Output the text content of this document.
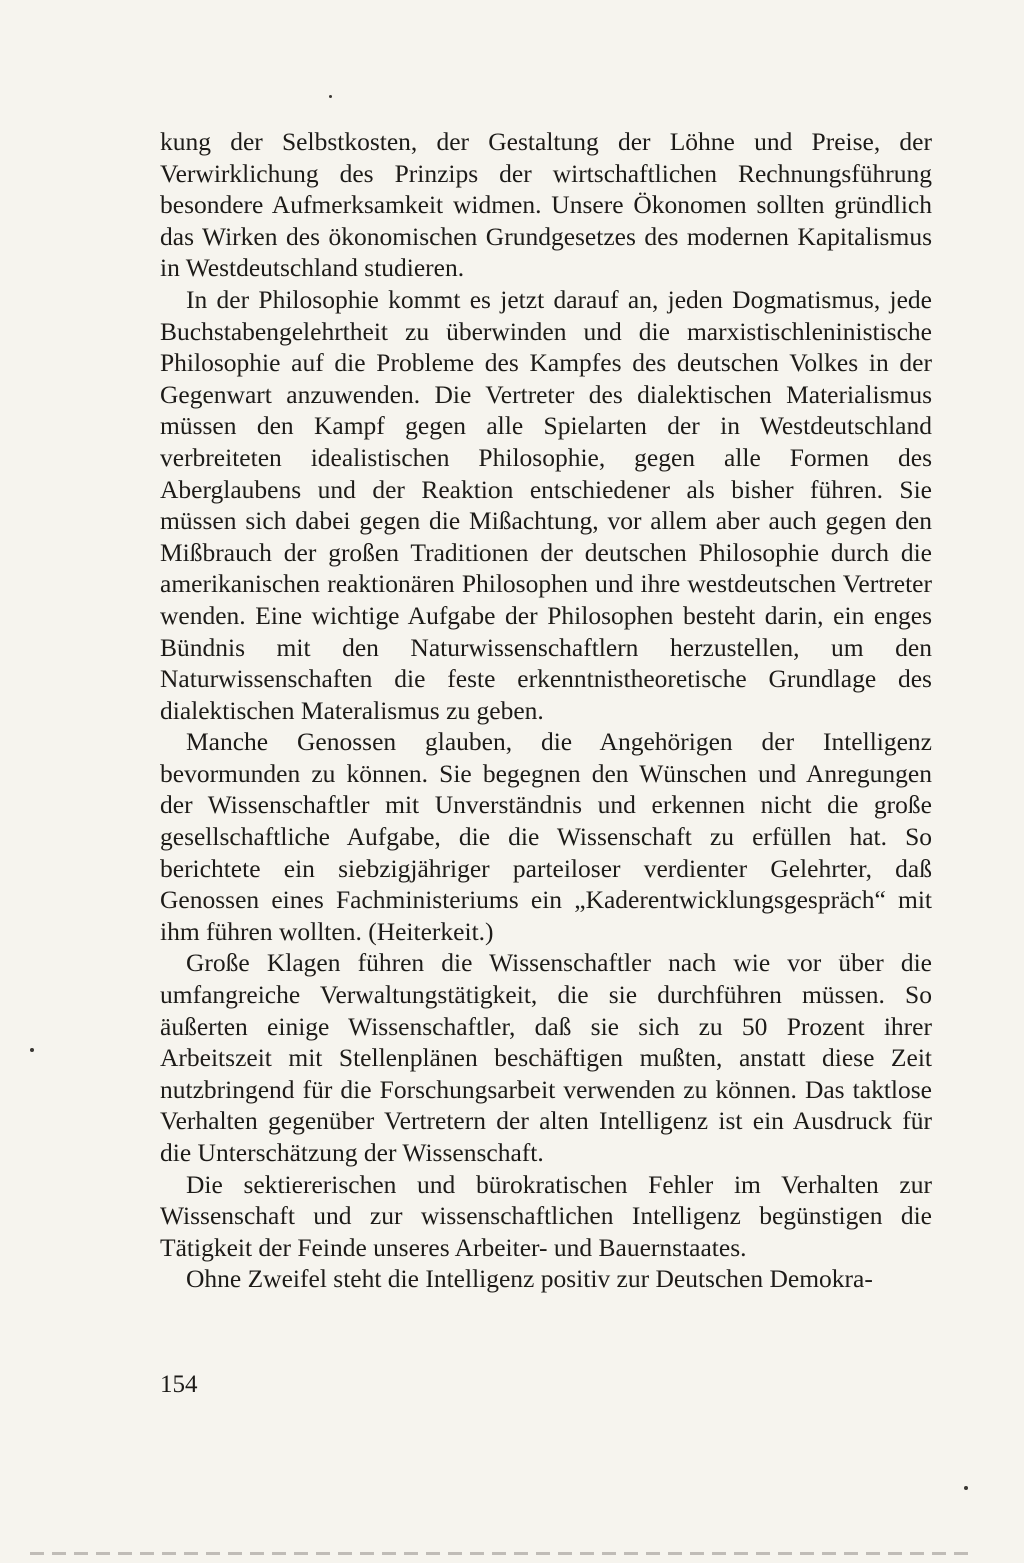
kung der Selbstkosten, der Gestaltung der Löhne und Preise, der Verwirklichung des Prinzips der wirtschaftlichen Rechnungsführung besondere Aufmerksamkeit widmen. Unsere Ökonomen sollten gründlich das Wirken des ökonomischen Grundgesetzes des modernen Kapitalismus in Westdeutschland studieren.

In der Philosophie kommt es jetzt darauf an, jeden Dogmatismus, jede Buchstabengelehrtheit zu überwinden und die marxistischleninistische Philosophie auf die Probleme des Kampfes des deutschen Volkes in der Gegenwart anzuwenden. Die Vertreter des dialektischen Materialismus müssen den Kampf gegen alle Spielarten der in Westdeutschland verbreiteten idealistischen Philosophie, gegen alle Formen des Aberglaubens und der Reaktion entschiedener als bisher führen. Sie müssen sich dabei gegen die Mißachtung, vor allem aber auch gegen den Mißbrauch der großen Traditionen der deutschen Philosophie durch die amerikanischen reaktionären Philosophen und ihre westdeutschen Vertreter wenden. Eine wichtige Aufgabe der Philosophen besteht darin, ein enges Bündnis mit den Naturwissenschaftlern herzustellen, um den Naturwissenschaften die feste erkenntnistheoretische Grundlage des dialektischen Materalismus zu geben.

Manche Genossen glauben, die Angehörigen der Intelligenz bevormunden zu können. Sie begegnen den Wünschen und Anregungen der Wissenschaftler mit Unverständnis und erkennen nicht die große gesellschaftliche Aufgabe, die die Wissenschaft zu erfüllen hat. So berichtete ein siebzigjähriger parteiloser verdienter Gelehrter, daß Genossen eines Fachministeriums ein „Kaderentwicklungsgespräch“ mit ihm führen wollten. (Heiterkeit.)

Große Klagen führen die Wissenschaftler nach wie vor über die umfangreiche Verwaltungstätigkeit, die sie durchführen müssen. So äußerten einige Wissenschaftler, daß sie sich zu 50 Prozent ihrer Arbeitszeit mit Stellenplänen beschäftigen mußten, anstatt diese Zeit nutzbringend für die Forschungsarbeit verwenden zu können. Das taktlose Verhalten gegenüber Vertretern der alten Intelligenz ist ein Ausdruck für die Unterschätzung der Wissenschaft.

Die sektiererischen und bürokratischen Fehler im Verhalten zur Wissenschaft und zur wissenschaftlichen Intelligenz begünstigen die Tätigkeit der Feinde unseres Arbeiter- und Bauernstaates.

Ohne Zweifel steht die Intelligenz positiv zur Deutschen Demokra-

154
